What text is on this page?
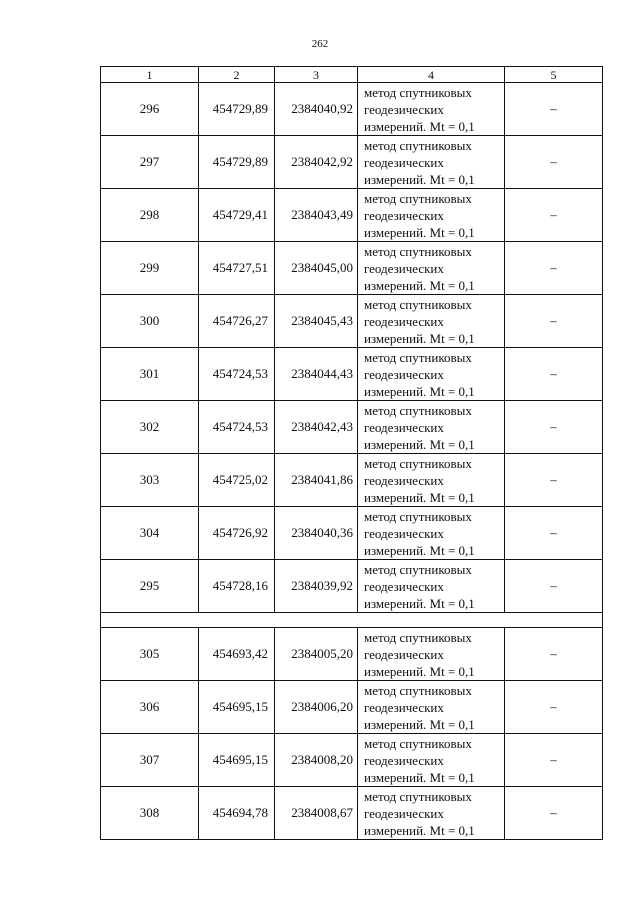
262
1	2	3	4	5
296	454729,89	2384040,92	метод спутниковых
геодезических
измерений. Mt = 0,1	–
297	454729,89	2384042,92	метод спутниковых
геодезических
измерений. Mt = 0,1	–
298	454729,41	2384043,49	метод спутниковых
геодезических
измерений. Mt = 0,1	–
299	454727,51	2384045,00	метод спутниковых
геодезических
измерений. Mt = 0,1	–
300	454726,27	2384045,43	метод спутниковых
геодезических
измерений. Mt = 0,1	–
301	454724,53	2384044,43	метод спутниковых
геодезических
измерений. Mt = 0,1	–
302	454724,53	2384042,43	метод спутниковых
геодезических
измерений. Mt = 0,1	–
303	454725,02	2384041,86	метод спутниковых
геодезических
измерений. Mt = 0,1	–
304	454726,92	2384040,36	метод спутниковых
геодезических
измерений. Mt = 0,1	–
295	454728,16	2384039,92	метод спутниковых
геодезических
измерений. Mt = 0,1	–

305	454693,42	2384005,20	метод спутниковых
геодезических
измерений. Mt = 0,1	–
306	454695,15	2384006,20	метод спутниковых
геодезических
измерений. Mt = 0,1	–
307	454695,15	2384008,20	метод спутниковых
геодезических
измерений. Mt = 0,1	–
308	454694,78	2384008,67	метод спутниковых
геодезических
измерений. Mt = 0,1	–
